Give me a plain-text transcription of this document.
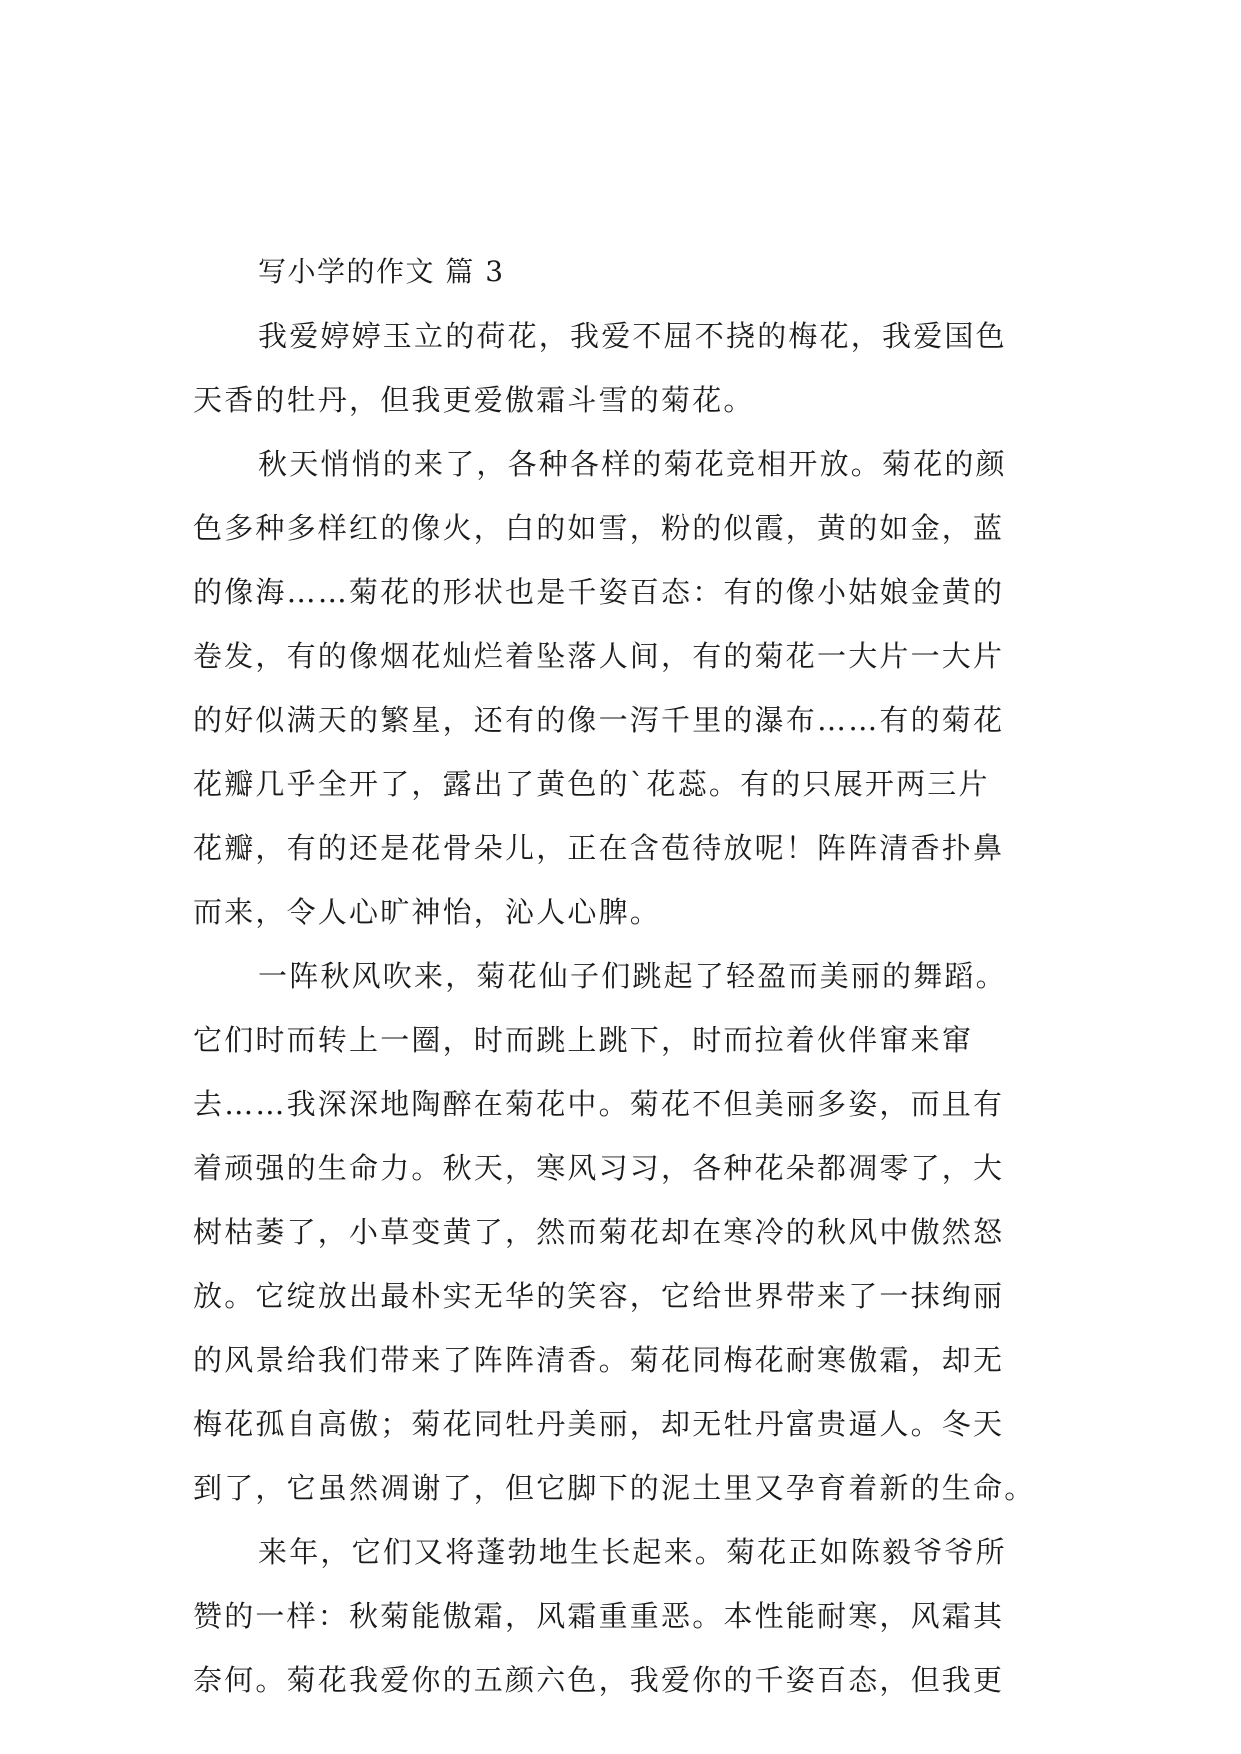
写小学的作文 篇 3
我爱婷婷玉立的荷花，我爱不屈不挠的梅花，我爱国色
天香的牡丹，但我更爱傲霜斗雪的菊花。
秋天悄悄的来了，各种各样的菊花竞相开放。菊花的颜
色多种多样红的像火，白的如雪，粉的似霞，黄的如金，蓝
的像海……菊花的形状也是千姿百态：有的像小姑娘金黄的
卷发，有的像烟花灿烂着坠落人间，有的菊花一大片一大片
的好似满天的繁星，还有的像一泻千里的瀑布……有的菊花
花瓣几乎全开了，露出了黄色的`花蕊。有的只展开两三片
花瓣，有的还是花骨朵儿，正在含苞待放呢！阵阵清香扑鼻
而来，令人心旷神怡，沁人心脾。
一阵秋风吹来，菊花仙子们跳起了轻盈而美丽的舞蹈。
它们时而转上一圈，时而跳上跳下，时而拉着伙伴窜来窜
去……我深深地陶醉在菊花中。菊花不但美丽多姿，而且有
着顽强的生命力。秋天，寒风习习，各种花朵都凋零了，大
树枯萎了，小草变黄了，然而菊花却在寒冷的秋风中傲然怒
放。它绽放出最朴实无华的笑容，它给世界带来了一抹绚丽
的风景给我们带来了阵阵清香。菊花同梅花耐寒傲霜，却无
梅花孤自高傲；菊花同牡丹美丽，却无牡丹富贵逼人。冬天
到了，它虽然凋谢了，但它脚下的泥土里又孕育着新的生命。
来年，它们又将蓬勃地生长起来。菊花正如陈毅爷爷所
赞的一样：秋菊能傲霜，风霜重重恶。本性能耐寒，风霜其
奈何。菊花我爱你的五颜六色，我爱你的千姿百态，但我更
